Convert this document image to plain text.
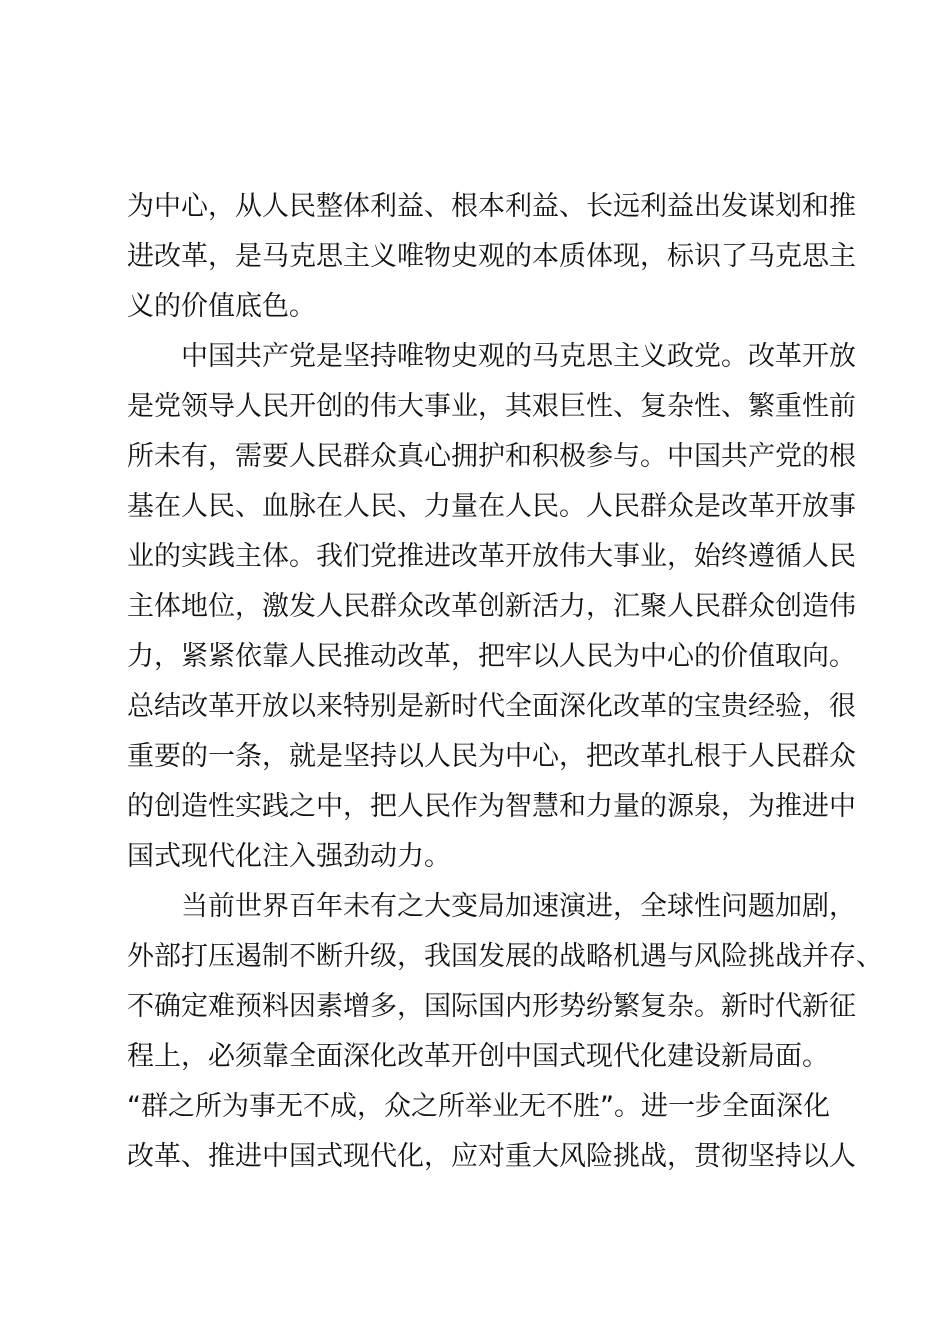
为中心，从人民整体利益、根本利益、长远利益出发谋划和推
进改革，是马克思主义唯物史观的本质体现，标识了马克思主
义的价值底色。
中国共产党是坚持唯物史观的马克思主义政党。改革开放
是党领导人民开创的伟大事业，其艰巨性、复杂性、繁重性前
所未有，需要人民群众真心拥护和积极参与。中国共产党的根
基在人民、血脉在人民、力量在人民。人民群众是改革开放事
业的实践主体。我们党推进改革开放伟大事业，始终遵循人民
主体地位，激发人民群众改革创新活力，汇聚人民群众创造伟
力，紧紧依靠人民推动改革，把牢以人民为中心的价值取向。
总结改革开放以来特别是新时代全面深化改革的宝贵经验，很
重要的一条，就是坚持以人民为中心，把改革扎根于人民群众
的创造性实践之中，把人民作为智慧和力量的源泉，为推进中
国式现代化注入强劲动力。
当前世界百年未有之大变局加速演进，全球性问题加剧，
外部打压遏制不断升级，我国发展的战略机遇与风险挑战并存、
不确定难预料因素增多，国际国内形势纷繁复杂。新时代新征
程上，必须靠全面深化改革开创中国式现代化建设新局面。
“群之所为事无不成，众之所举业无不胜”。进一步全面深化
改革、推进中国式现代化，应对重大风险挑战，贯彻坚持以人
